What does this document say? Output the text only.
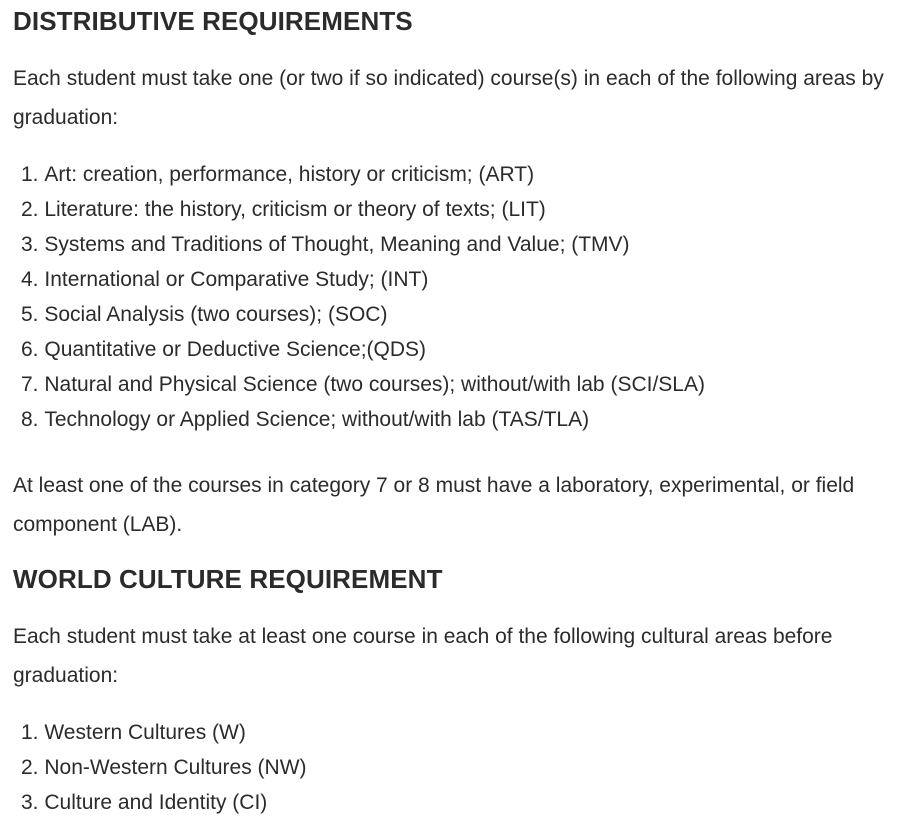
DISTRIBUTIVE REQUIREMENTS

Each student must take one (or two if so indicated) course(s) in each of the following areas by graduation:

1. Art: creation, performance, history or criticism; (ART)
2. Literature: the history, criticism or theory of texts; (LIT)
3. Systems and Traditions of Thought, Meaning and Value; (TMV)
4. International or Comparative Study; (INT)
5. Social Analysis (two courses); (SOC)
6. Quantitative or Deductive Science;(QDS)
7. Natural and Physical Science (two courses); without/with lab (SCI/SLA)
8. Technology or Applied Science; without/with lab (TAS/TLA)

At least one of the courses in category 7 or 8 must have a laboratory, experimental, or field component (LAB).

WORLD CULTURE REQUIREMENT

Each student must take at least one course in each of the following cultural areas before graduation:

1. Western Cultures (W)
2. Non-Western Cultures (NW)
3. Culture and Identity (CI)
